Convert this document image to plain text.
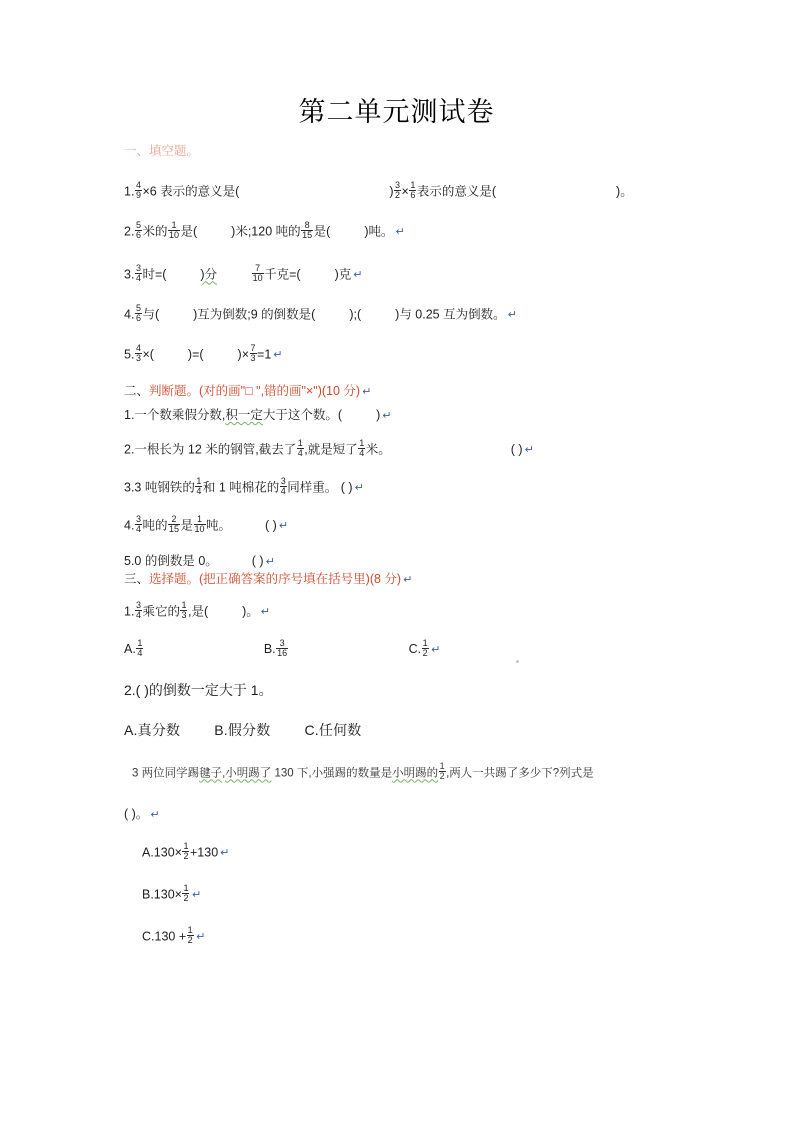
第二单元测试卷
一、填空题。
1. $\frac{4}{9} \times 6$ 表示的意义是(	) $\frac{3}{2} \times \frac{1}{6}$ 表示的意义是(	)。
2. $\frac{5}{6}$ 米的 $\frac{1}{10}$ 是(	)米;120 吨的 $\frac{8}{15}$ 是(	)吨。 ↵
3. $\frac{3}{4}$ 时=(	)分	$\frac{7}{10}$ 千克=(	)克 ↵
4. $\frac{5}{6}$ 与(	)互为倒数;9 的倒数是(	);(	)与 0.25 互为倒数。 ↵
5. $\frac{4}{3}$ ×(	)=(	)× $\frac{7}{3} =1$ ↵
二、判断题。(对的画"□ ",错的画"×")(10 分) ↵
1.一个数乘假分数,积一定大于这个数。(	) ↵
2.一根长为 12 米的钢管,截去了 $\frac{1}{4}$ ,就是短了 $\frac{1}{4}$ 米。	( ) ↵
3.3 吨钢铁的 $\frac{1}{4}$ 和 1 吨棉花的 $\frac{3}{4}$ 同样重。 ( ) ↵
4. $\frac{3}{4}$ 吨的 $\frac{2}{15}$ 是 $\frac{1}{10}$ 吨。	( ) ↵
5.0 的倒数是 0。	( ) ↵
三、选择题。(把正确答案的序号填在括号里)(8 分) ↵
1. $\frac{3}{4}$ 乘它的 $\frac{1}{3}$ ,是(	)。 ↵
A. $\frac{1}{4}$	B. $\frac{3}{16}$	C. $\frac{1}{2}$ ↵
2.( )的倒数一定大于 1。
A.真分数 B.假分数 C.任何数
3 两位同学踢毽子,小明踢了 130 下,小强踢的数量是小明踢的 $\frac{1}{2}$ ,两人一共踢了多少下?列式是
( )。 ↵
$A.130\times \frac{1}{2} +130$ ↵
$B.130\times \frac{1}{2}$ ↵
$C.130 + \frac{1}{2}$ ↵
